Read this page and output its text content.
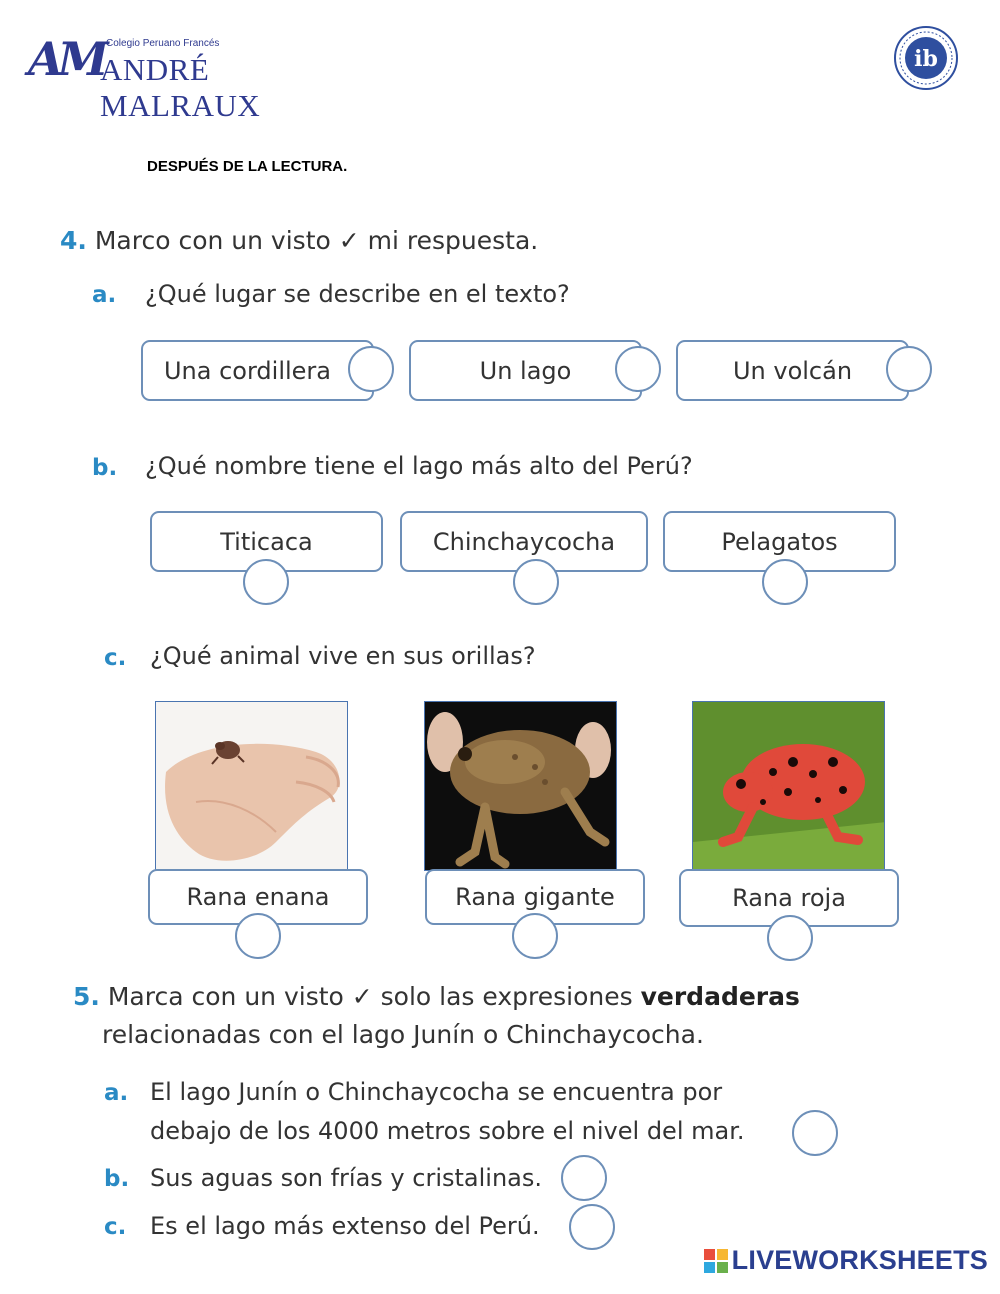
AM Colegio Peruano Francés
ANDRÉ MALRAUX
ib
DESPUÉS DE LA LECTURA.
4. Marco con un visto ✓ mi respuesta.
a. ¿Qué lugar se describe en el texto?
Una cordillera	Un lago	Un volcán
b. ¿Qué nombre tiene el lago más alto del Perú?
Titicaca	Chinchaycocha	Pelagatos
c. ¿Qué animal vive en sus orillas?
Rana enana	Rana gigante	Rana roja
5. Marca con un visto ✓ solo las expresiones verdaderas
relacionadas con el lago Junín o Chinchaycocha.
a. El lago Junín o Chinchaycocha se encuentra por
debajo de los 4000 metros sobre el nivel del mar.
b. Sus aguas son frías y cristalinas.
c. Es el lago más extenso del Perú.
LIVEWORKSHEETS
